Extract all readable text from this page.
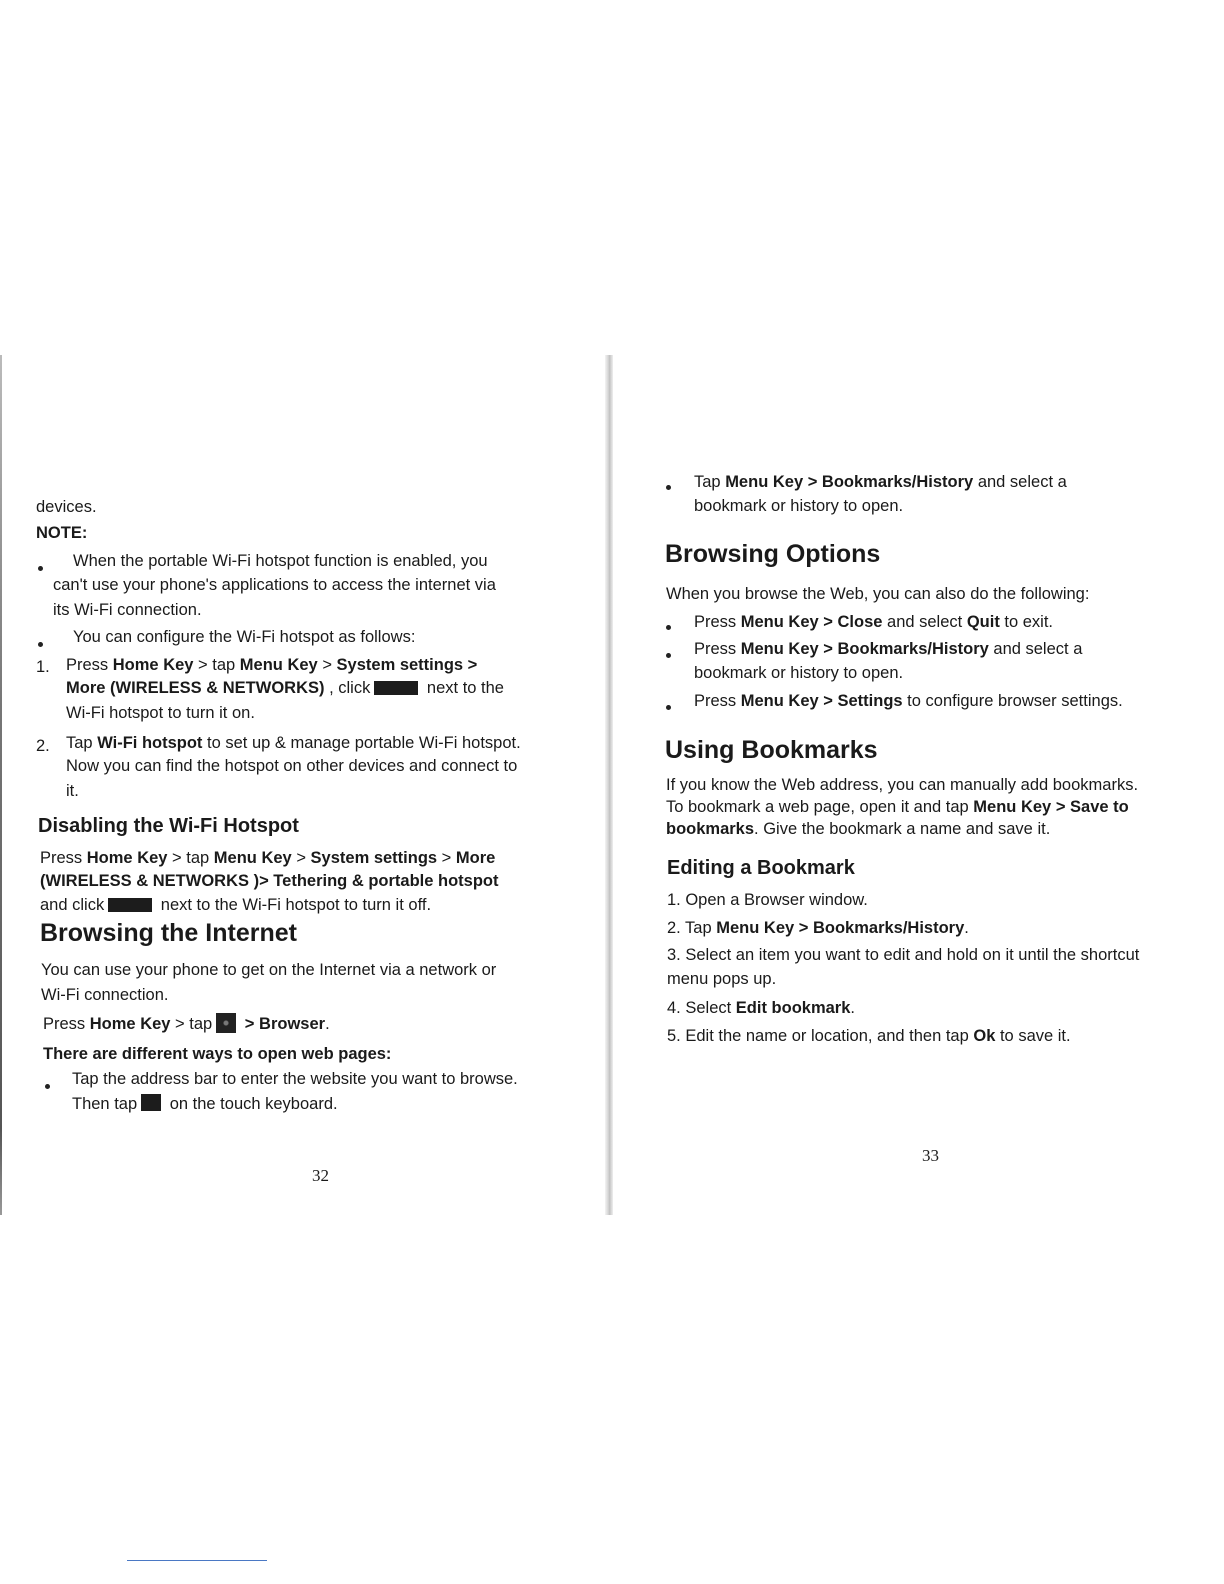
devices.

NOTE:

When the portable Wi-Fi hotspot function is enabled, you

can't use your phone's applications to access the internet via

its Wi-Fi connection.

You can configure the Wi-Fi hotspot as follows:

1. Press Home Key > tap Menu Key > System settings >

More (WIRELESS & NETWORKS) , click	next to the

Wi-Fi hotspot to turn it on.

2. Tap Wi-Fi hotspot to set up & manage portable Wi-Fi hotspot.

Now you can find the hotspot on other devices and connect to

it.

Disabling the Wi-Fi Hotspot

Press Home Key > tap Menu Key > System settings > More

(WIRELESS & NETWORKS )> Tethering & portable hotspot

and click	next to the Wi-Fi hotspot to turn it off.

Browsing the Internet

You can use your phone to get on the Internet via a network or

Wi-Fi connection.

Press Home Key > tap > Browser.

There are different ways to open web pages:

Tap the address bar to enter the website you want to browse.

Then tap on the touch keyboard.

32

Tap Menu Key > Bookmarks/History and select a

bookmark or history to open.

Browsing Options

When you browse the Web, you can also do the following:

Press Menu Key > Close and select Quit to exit.

Press Menu Key > Bookmarks/History and select a

bookmark or history to open.

Press Menu Key > Settings to configure browser settings.

Using Bookmarks

If you know the Web address, you can manually add bookmarks.

To bookmark a web page, open it and tap Menu Key > Save to

bookmarks. Give the bookmark a name and save it.

Editing a Bookmark

1. Open a Browser window.

2. Tap Menu Key > Bookmarks/History.

3. Select an item you want to edit and hold on it until the shortcut

menu pops up.

4. Select Edit bookmark.

5. Edit the name or location, and then tap Ok to save it.

33
